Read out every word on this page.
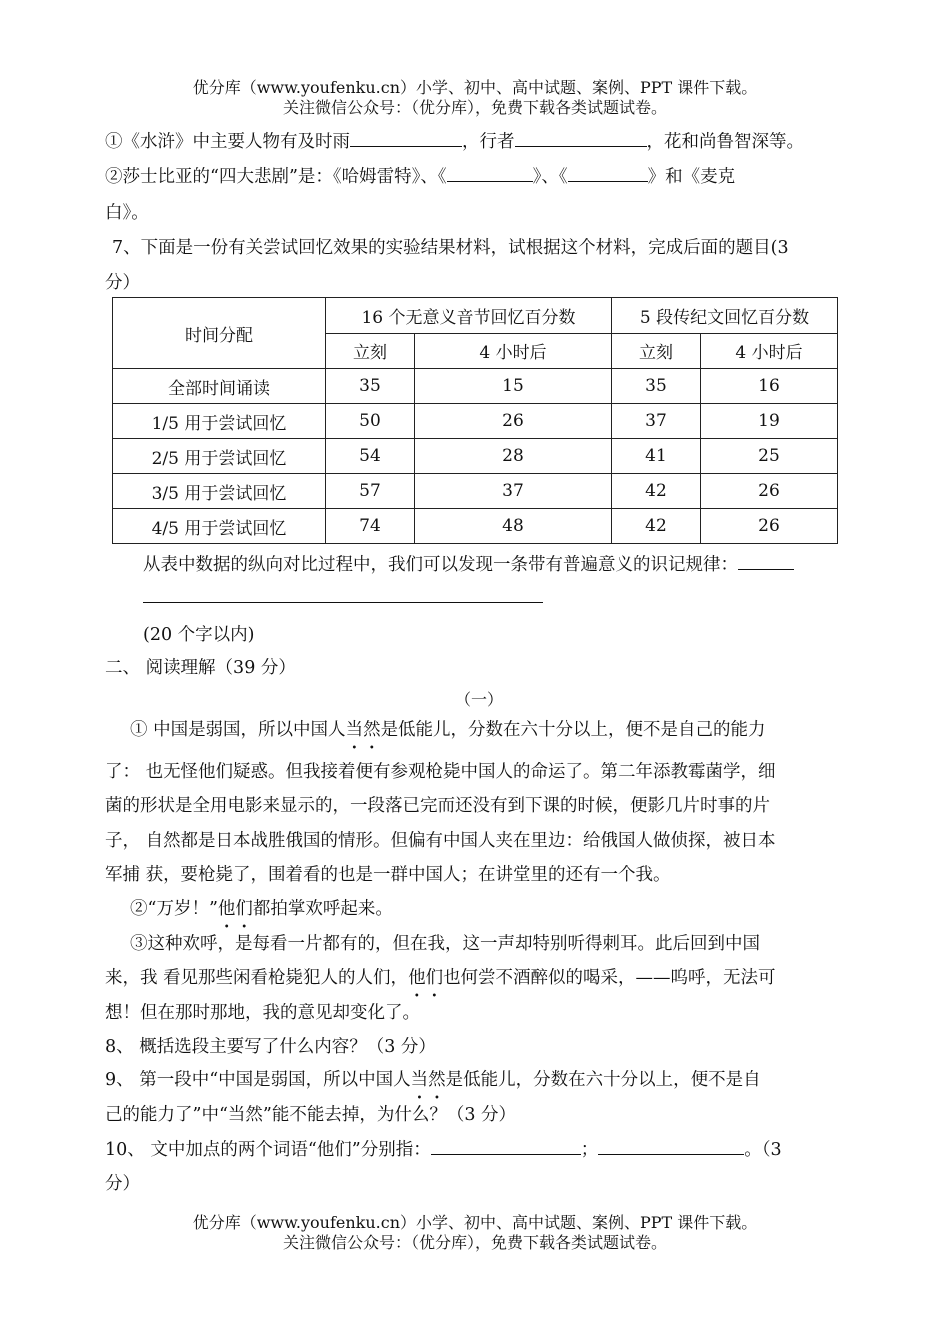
优分库（www.youfenku.cn）小学、初中、高中试题、案例、PPT 课件下载。
关注微信公众号：（优分库），免费下载各类试题试卷。
①《水浒》中主要人物有及时雨	，行者	，花和尚鲁智深等。
②莎士比亚的“四大悲剧”是：《哈姆雷特》、《	》、《	》和《麦克
白》。
7、下面是一份有关尝试回忆效果的实验结果材料，试根据这个材料，完成后面的题目(3
分）
时间分配	16 个无意义音节回忆百分数		5 段传纪文回忆百分数	
	立刻	4 小时后	立刻	4 小时后
全部时间诵读	35	15	35	16
1/5 用于尝试回忆	50	26	37	19
2/5 用于尝试回忆	54	28	41	25
3/5 用于尝试回忆	57	37	42	26
4/5 用于尝试回忆	74	48	42	26
从表中数据的纵向对比过程中，我们可以发现一条带有普遍意义的识记规律：
(20 个字以内)
二、 阅读理解（39 分）
（一）
① 中国是弱国，所以中国人当然是低能儿，分数在六十分以上，便不是自己的能力
了： 也无怪他们疑惑。但我接着便有参观枪毙中国人的命运了。第二年添教霉菌学，细
菌的形状是全用电影来显示的，一段落已完而还没有到下课的时候，便影几片时事的片
子， 自然都是日本战胜俄国的情形。但偏有中国人夹在里边：给俄国人做侦探，被日本
军捕 获，要枪毙了，围着看的也是一群中国人；在讲堂里的还有一个我。
②“万岁！”他们都拍掌欢呼起来。
③这种欢呼，是每看一片都有的，但在我，这一声却特别听得刺耳。此后回到中国
来，我 看见那些闲看枪毙犯人的人们，他们也何尝不酒醉似的喝采，——呜呼，无法可
想！但在那时那地，我的意见却变化了。
8、 概括选段主要写了什么内容？（3 分）
9、 第一段中“中国是弱国，所以中国人当然是低能儿，分数在六十分以上，便不是自
己的能力了”中“当然”能不能去掉，为什么？（3 分）
10、 文中加点的两个词语“他们”分别指：	；	。（3
分）
优分库（www.youfenku.cn）小学、初中、高中试题、案例、PPT 课件下载。
关注微信公众号：（优分库），免费下载各类试题试卷。
